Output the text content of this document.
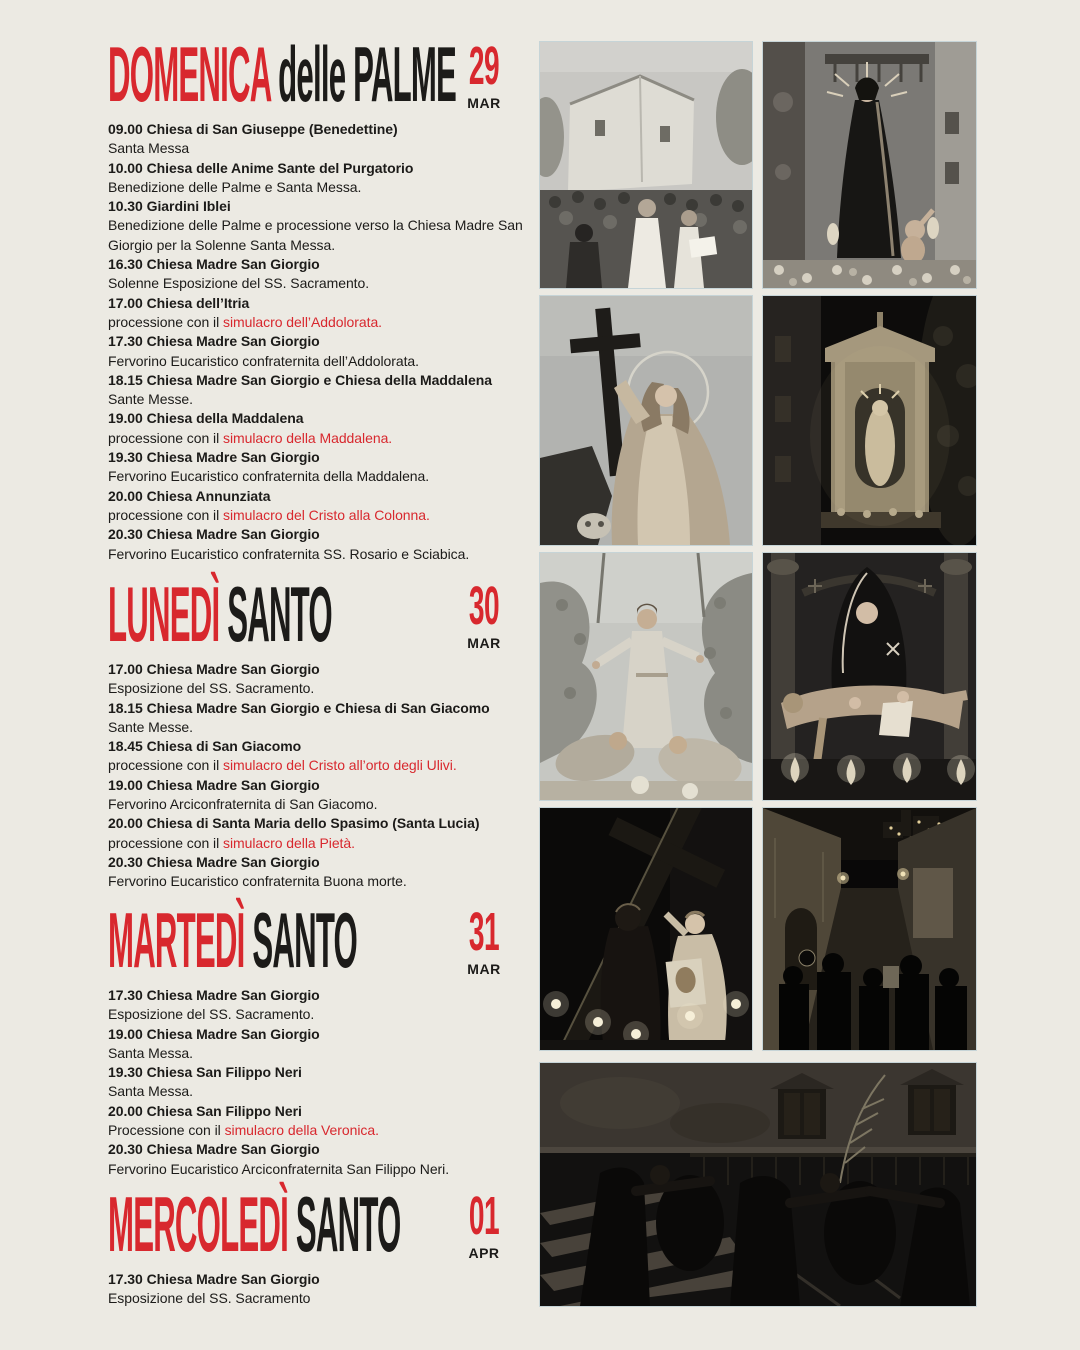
DOMENICA delle PALME 29
MAR
09.00 Chiesa di San Giuseppe (Benedettine)
Santa Messa
10.00 Chiesa delle Anime Sante del Purgatorio
Benedizione delle Palme e Santa Messa.
10.30 Giardini Iblei
Benedizione delle Palme e processione verso la Chiesa Madre San Giorgio per la Solenne Santa Messa.
16.30 Chiesa Madre San Giorgio
Solenne Esposizione del SS. Sacramento.
17.00 Chiesa dell’Itria
processione con il simulacro dell’Addolorata.
17.30 Chiesa Madre San Giorgio
Fervorino Eucaristico confraternita dell’Addolorata.
18.15 Chiesa Madre San Giorgio e Chiesa della Maddalena
Sante Messe.
19.00 Chiesa della Maddalena
processione con il simulacro della Maddalena.
19.30 Chiesa Madre San Giorgio
Fervorino Eucaristico confraternita della Maddalena.
20.00 Chiesa Annunziata
processione con il simulacro del Cristo alla Colonna.
20.30 Chiesa Madre San Giorgio
Fervorino Eucaristico confraternita SS. Rosario e Sciabica.
LUNEDÌ SANTO	30
MAR
17.00 Chiesa Madre San Giorgio
Esposizione del SS. Sacramento.
18.15 Chiesa Madre San Giorgio e Chiesa di San Giacomo
Sante Messe.
18.45 Chiesa di San Giacomo
processione con il simulacro del Cristo all’orto degli Ulivi.
19.00 Chiesa Madre San Giorgio
Fervorino Arciconfraternita di San Giacomo.
20.00 Chiesa di Santa Maria dello Spasimo (Santa Lucia)
processione con il simulacro della Pietà.
20.30 Chiesa Madre San Giorgio
Fervorino Eucaristico confraternita Buona morte.
MARTEDÌ SANTO 31
MAR
17.30 Chiesa Madre San Giorgio
Esposizione del SS. Sacramento.
19.00 Chiesa Madre San Giorgio
Santa Messa.
19.30 Chiesa San Filippo Neri
Santa Messa.
20.00 Chiesa San Filippo Neri
Processione con il simulacro della Veronica.
20.30 Chiesa Madre San Giorgio
Fervorino Eucaristico Arciconfraternita San Filippo Neri.
MERCOLEDÌ SANTO 01
APR
17.30 Chiesa Madre San Giorgio
Esposizione del SS. Sacramento
